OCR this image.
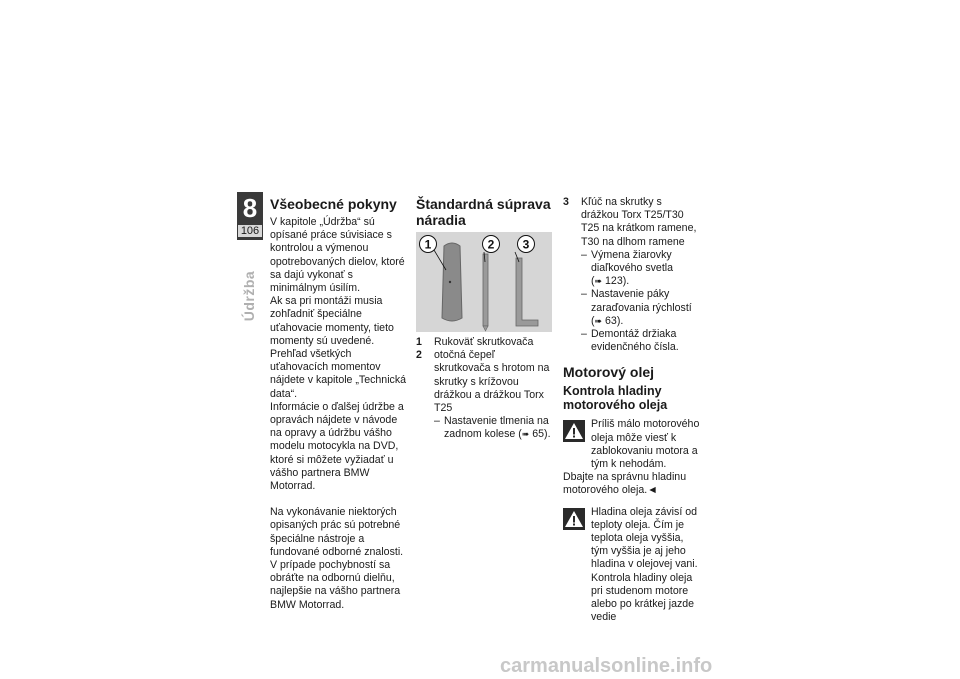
8
106
Údržba
Všeobecné pokyny

V kapitole „Údržba“ sú opísané práce súvisiace s kontrolou a výmenou opotrebovaných dielov, ktoré sa dajú vykonať s minimálnym úsilím.

Ak sa pri montáži musia zohľadniť špeciálne uťahovacie momenty, tieto momenty sú uvedené. Prehľad všetkých uťahovacích momentov nájdete v kapitole „Technická data“.

Informácie o ďalšej údržbe a opravách nájdete v návode na opravy a údržbu vášho modelu motocykla na DVD, ktoré si môžete vyžiadať u vášho partnera BMW Motorrad.

Na vykonávanie niektorých opisaných prác sú potrebné špeciálne nástroje a fundované odborné znalosti. V prípade pochybností sa obráťte na odbornú dielňu, najlepšie na vášho partnera BMW Motorrad.

Štandardná súprava náradia
1	2 3
1	Rukoväť skrutkovača
2	otočná čepeľ skrutkovača s hrotom na skrutky s krížovou drážkou a drážkou Torx T25
– Nastavenie tlmenia na zadnom kolese (➠ 65).
3	Kľúč na skrutky s drážkou Torx T25/T30
T25 na krátkom ramene, T30 na dlhom ramene
– Výmena žiarovky diaľkového svetla (➠ 123).
– Nastavenie páky zaraďovania rýchlostí (➠ 63).
– Demontáž držiaka evidenčného čísla.
Motorový olej
Kontrola hladiny motorového oleja

Príliš málo motorového oleja môže viesť k zablokovaniu motora a tým k nehodám.

Dbajte na správnu hladinu motorového oleja.◄

Hladina oleja závisí od teploty oleja. Čím je teplota oleja vyššia, tým vyššia je aj jeho hladina v olejovej vani. Kontrola hladiny oleja pri studenom motore alebo po krátkej jazde vedie

carmanualsonline.info
